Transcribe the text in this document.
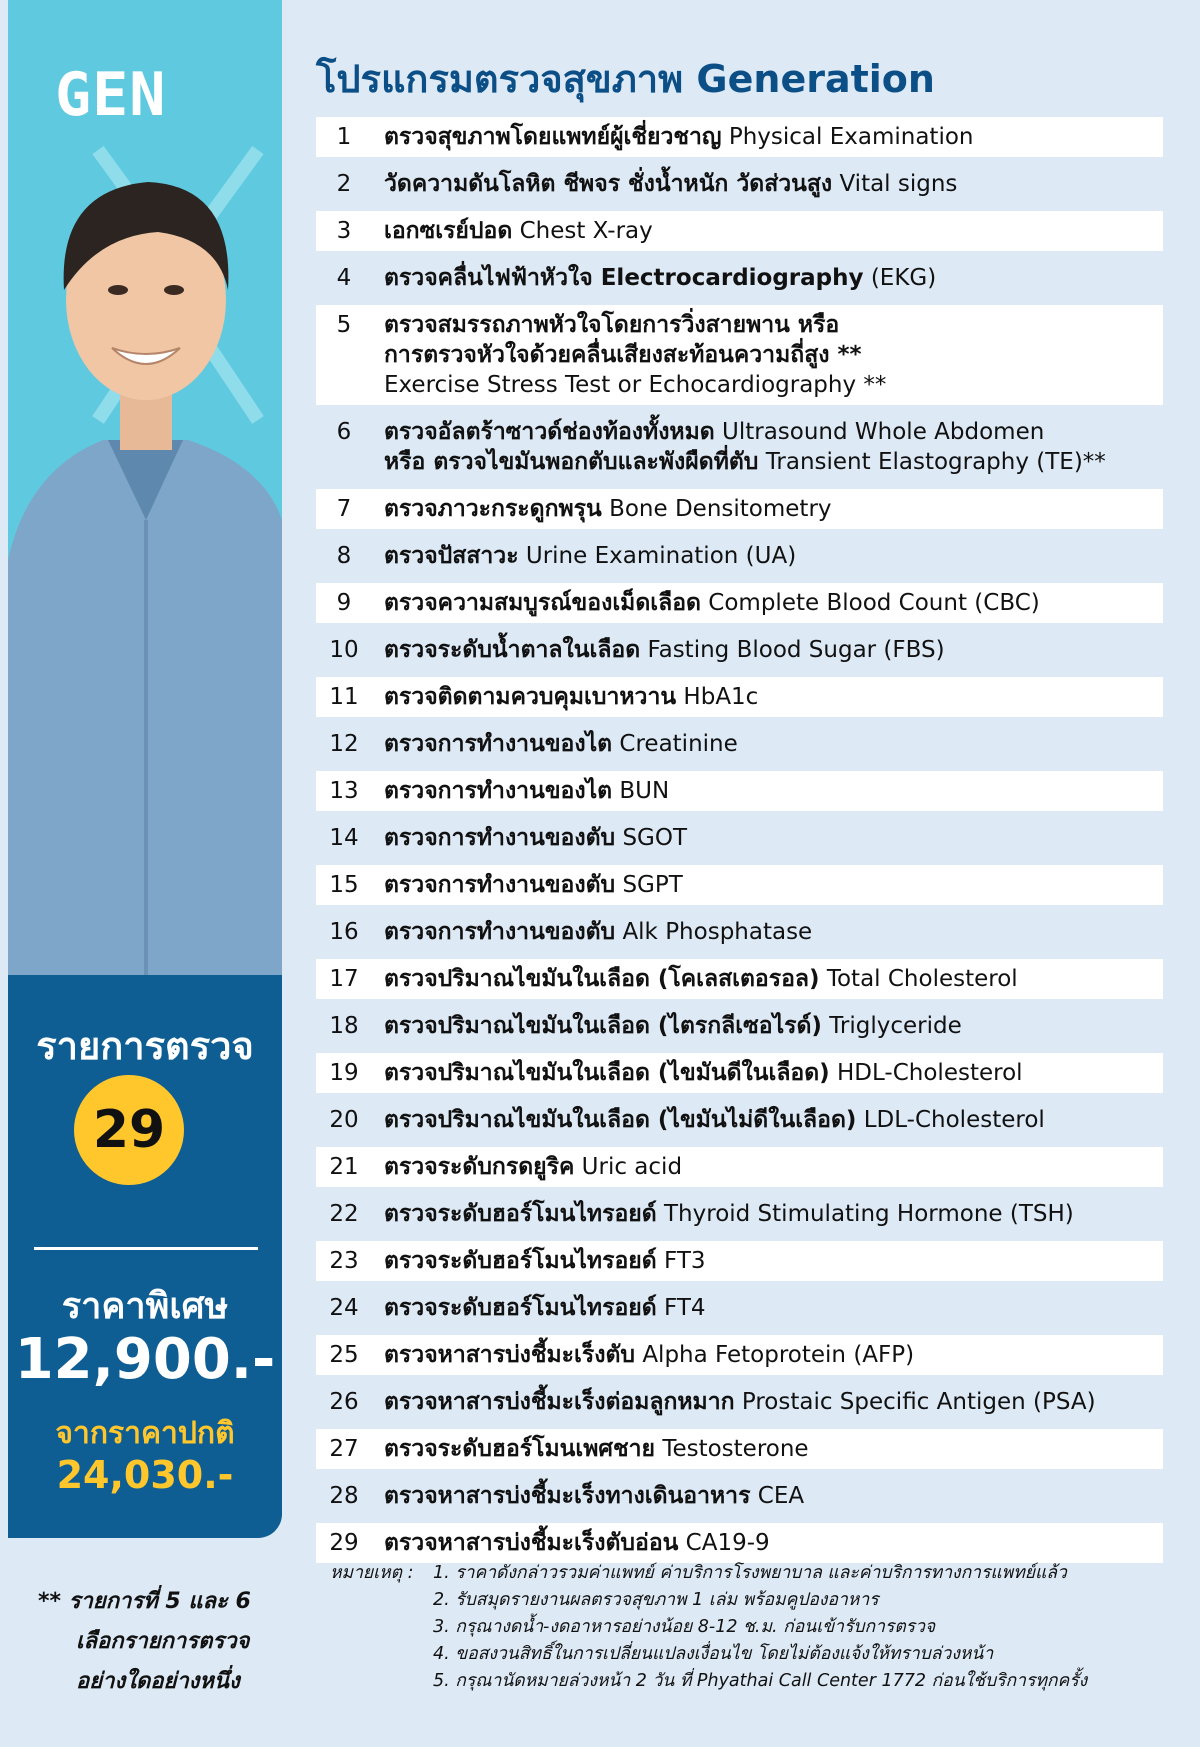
GEN
รายการตรวจ
29
ราคาพิเศษ
12,900.-
จากราคาปกติ
24,030.-
** รายการที่ 5 และ 6
เลือกรายการตรวจ
อย่างใดอย่างหนึ่ง
โปรแกรมตรวจสุขภาพ Generation
1	ตรวจสุขภาพโดยแพทย์ผู้เชี่ยวชาญ Physical Examination
2	วัดความดันโลหิต ชีพจร ชั่งน้ำหนัก วัดส่วนสูง Vital signs
3	เอกซเรย์ปอด Chest X-ray
4	ตรวจคลื่นไฟฟ้าหัวใจ Electrocardiography (EKG)
5	ตรวจสมรรถภาพหัวใจโดยการวิ่งสายพาน หรือ
การตรวจหัวใจด้วยคลื่นเสียงสะท้อนความถี่สูง **
Exercise Stress Test or Echocardiography **
6	ตรวจอัลตร้าซาวด์ช่องท้องทั้งหมด Ultrasound Whole Abdomen
หรือ ตรวจไขมันพอกตับและพังผืดที่ตับ Transient Elastography (TE)**
7	ตรวจภาวะกระดูกพรุน Bone Densitometry
8	ตรวจปัสสาวะ Urine Examination (UA)
9	ตรวจความสมบูรณ์ของเม็ดเลือด Complete Blood Count (CBC)
10	ตรวจระดับน้ำตาลในเลือด Fasting Blood Sugar (FBS)
11	ตรวจติดตามควบคุมเบาหวาน HbA1c
12	ตรวจการทำงานของไต Creatinine
13	ตรวจการทำงานของไต BUN
14	ตรวจการทำงานของตับ SGOT
15	ตรวจการทำงานของตับ SGPT
16	ตรวจการทำงานของตับ Alk Phosphatase
17	ตรวจปริมาณไขมันในเลือด (โคเลสเตอรอล) Total Cholesterol
18	ตรวจปริมาณไขมันในเลือด (ไตรกลีเซอไรด์) Triglyceride
19	ตรวจปริมาณไขมันในเลือด (ไขมันดีในเลือด) HDL-Cholesterol
20	ตรวจปริมาณไขมันในเลือด (ไขมันไม่ดีในเลือด) LDL-Cholesterol
21	ตรวจระดับกรดยูริค Uric acid
22	ตรวจระดับฮอร์โมนไทรอยด์ Thyroid Stimulating Hormone (TSH)
23	ตรวจระดับฮอร์โมนไทรอยด์ FT3
24	ตรวจระดับฮอร์โมนไทรอยด์ FT4
25	ตรวจหาสารบ่งชี้มะเร็งตับ Alpha Fetoprotein (AFP)
26	ตรวจหาสารบ่งชี้มะเร็งต่อมลูกหมาก Prostaic Specific Antigen (PSA)
27	ตรวจระดับฮอร์โมนเพศชาย Testosterone
28	ตรวจหาสารบ่งชี้มะเร็งทางเดินอาหาร CEA
29	ตรวจหาสารบ่งชี้มะเร็งตับอ่อน CA19-9
หมายเหตุ : 1. ราคาดังกล่าวรวมค่าแพทย์ ค่าบริการโรงพยาบาล และค่าบริการทางการแพทย์แล้ว
2. รับสมุดรายงานผลตรวจสุขภาพ 1 เล่ม พร้อมคูปองอาหาร
3. กรุณางดน้ำ-งดอาหารอย่างน้อย 8-12 ช.ม. ก่อนเข้ารับการตรวจ
4. ขอสงวนสิทธิ์ในการเปลี่ยนแปลงเงื่อนไข โดยไม่ต้องแจ้งให้ทราบล่วงหน้า
5. กรุณานัดหมายล่วงหน้า 2 วัน ที่ Phyathai Call Center 1772 ก่อนใช้บริการทุกครั้ง
